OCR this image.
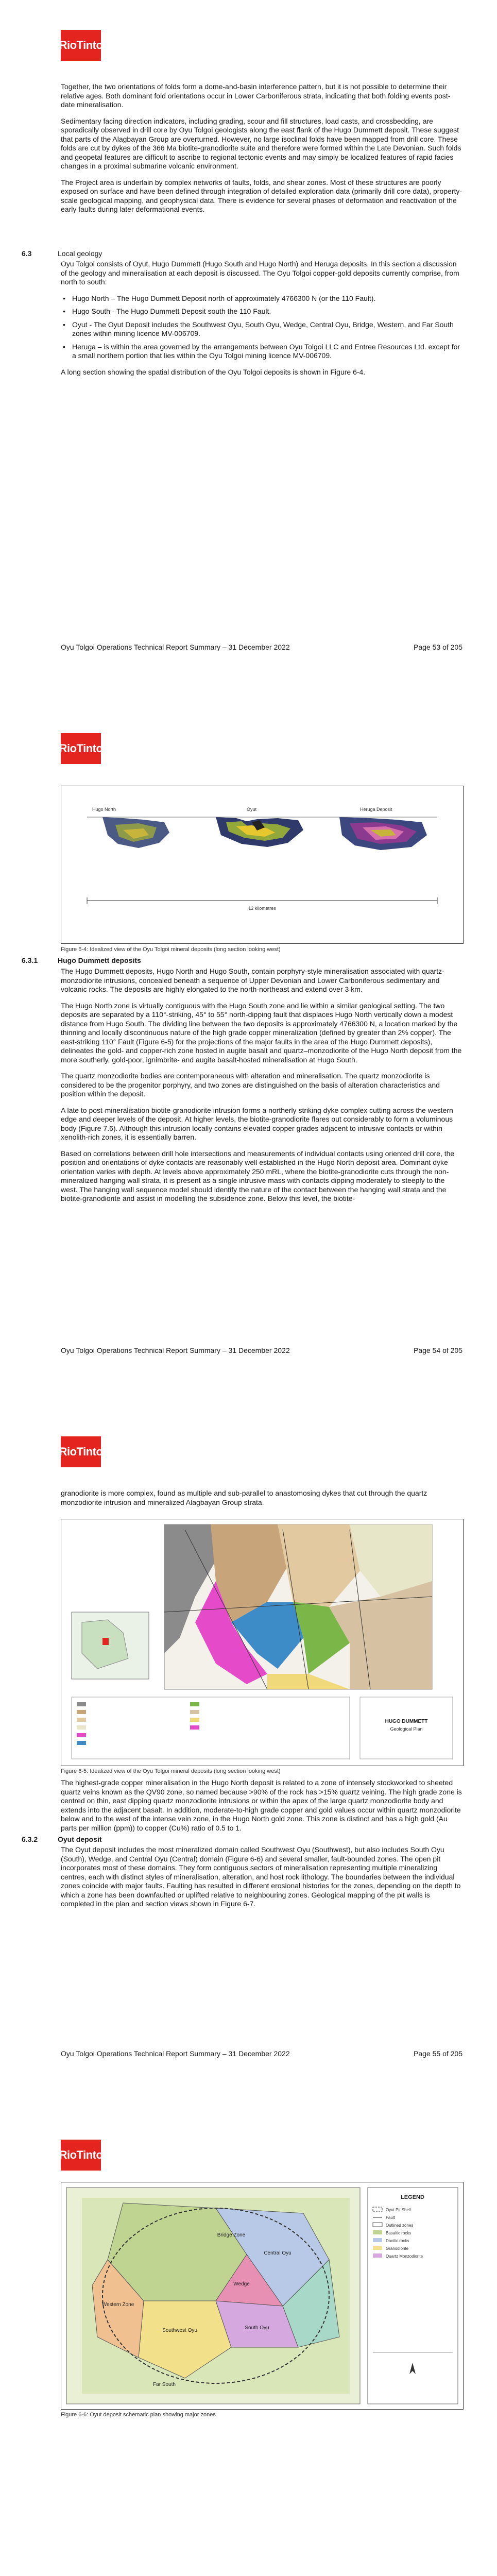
RioTinto

Together, the two orientations of folds form a dome-and-basin interference pattern, but it is not possible to determine their relative ages. Both dominant fold orientations occur in Lower Carboniferous strata, indicating that both folding events post-date mineralisation.

Sedimentary facing direction indicators, including grading, scour and fill structures, load casts, and crossbedding, are sporadically observed in drill core by Oyu Tolgoi geologists along the east flank of the Hugo Dummett deposit. These suggest that parts of the Alagbayan Group are overturned. However, no large isoclinal folds have been mapped from drill core. These folds are cut by dykes of the 366 Ma biotite-granodiorite suite and therefore were formed within the Late Devonian. Such folds and geopetal features are difficult to ascribe to regional tectonic events and may simply be localized features of rapid facies changes in a proximal submarine volcanic environment.

The Project area is underlain by complex networks of faults, folds, and shear zones. Most of these structures are poorly exposed on surface and have been defined through integration of detailed exploration data (primarily drill core data), property-scale geological mapping, and geophysical data. There is evidence for several phases of deformation and reactivation of the early faults during later deformational events.

6.3	Local geology

Oyu Tolgoi consists of Oyut, Hugo Dummett (Hugo South and Hugo North) and Heruga deposits. In this section a discussion of the geology and mineralisation at each deposit is discussed. The Oyu Tolgoi copper-gold deposits currently comprise, from north to south:

• Hugo North – The Hugo Dummett Deposit north of approximately 4766300 N (or the 110 Fault).
• Hugo South - The Hugo Dummett Deposit south the 110 Fault.
• Oyut - The Oyut Deposit includes the Southwest Oyu, South Oyu, Wedge, Central Oyu, Bridge, Western, and Far South zones within mining licence MV-006709.
• Heruga – is within the area governed by the arrangements between Oyu Tolgoi LLC and Entree Resources Ltd. except for a small northern portion that lies within the Oyu Tolgoi mining licence MV-006709.

A long section showing the spatial distribution of the Oyu Tolgoi deposits is shown in Figure 6-4.

Oyu Tolgoi Operations Technical Report Summary – 31 December 2022	Page 53 of 205
RioTinto
Hugo North	Oyut	Heruga Deposit
12 kilometres
Figure 6-4: Idealized view of the Oyu Tolgoi mineral deposits (long section looking west)
6.3.1	Hugo Dummett deposits

The Hugo Dummett deposits, Hugo North and Hugo South, contain porphyry-style mineralisation associated with quartz-monzodiorite intrusions, concealed beneath a sequence of Upper Devonian and Lower Carboniferous sedimentary and volcanic rocks. The deposits are highly elongated to the north-northeast and extend over 3 km.

The Hugo North zone is virtually contiguous with the Hugo South zone and lie within a similar geological setting. The two deposits are separated by a 110°-striking, 45° to 55° north-dipping fault that displaces Hugo North vertically down a modest distance from Hugo South. The dividing line between the two deposits is approximately 4766300 N, a location marked by the thinning and locally discontinuous nature of the high grade copper mineralization (defined by greater than 2% copper). The east-striking 110° Fault (Figure 6-5) for the projections of the major faults in the area of the Hugo Dummett deposits), delineates the gold- and copper-rich zone hosted in augite basalt and quartz–monzodiorite of the Hugo North deposit from the more southerly, gold-poor, ignimbrite- and augite basalt-hosted mineralisation at Hugo South.

The quartz monzodiorite bodies are contemporaneous with alteration and mineralisation. The quartz monzodiorite is considered to be the progenitor porphyry, and two zones are distinguished on the basis of alteration characteristics and position within the deposit.

A late to post-mineralisation biotite-granodiorite intrusion forms a northerly striking dyke complex cutting across the western edge and deeper levels of the deposit. At higher levels, the biotite-granodiorite flares out considerably to form a voluminous body (Figure 7.6). Although this intrusion locally contains elevated copper grades adjacent to intrusive contacts or within xenolith-rich zones, it is essentially barren.

Based on correlations between drill hole intersections and measurements of individual contacts using oriented drill core, the position and orientations of dyke contacts are reasonably well established in the Hugo North deposit area. Dominant dyke orientation varies with depth. At levels above approximately 250 mRL, where the biotite-granodiorite cuts through the non-mineralized hanging wall strata, it is present as a single intrusive mass with contacts dipping moderately to steeply to the west. The hanging wall sequence model should identify the nature of the contact between the hanging wall strata and the biotite-granodiorite and assist in modelling the subsidence zone. Below this level, the biotite-

Oyu Tolgoi Operations Technical Report Summary – 31 December 2022	Page 54 of 205
RioTinto

granodiorite is more complex, found as multiple and sub-parallel to anastomosing dykes that cut through the quartz monzodiorite intrusion and mineralized Alagbayan Group strata.

HUGO DUMMETT
Geological Plan
Figure 6-5: Idealized view of the Oyu Tolgoi mineral deposits (long section looking west)

The highest-grade copper mineralisation in the Hugo North deposit is related to a zone of intensely stockworked to sheeted quartz veins known as the QV90 zone, so named because >90% of the rock has >15% quartz veining. The high grade zone is centred on thin, east dipping quartz monzodiorite intrusions or within the apex of the large quartz monzodiorite body and extends into the adjacent basalt. In addition, moderate-to-high grade copper and gold values occur within quartz monzodiorite below and to the west of the intense vein zone, in the Hugo North gold zone. This zone is distinct and has a high gold (Au parts per million (ppm)) to copper (Cu%) ratio of 0.5 to 1.

6.3.2	Oyut deposit

The Oyut deposit includes the most mineralized domain called Southwest Oyu (Southwest), but also includes South Oyu (South), Wedge, and Central Oyu (Central) domain (Figure 6-6) and several smaller, fault-bounded zones. The open pit incorporates most of these domains. They form contiguous sectors of mineralisation representing multiple mineralizing centres, each with distinct styles of mineralisation, alteration, and host rock lithology. The boundaries between the individual zones coincide with major faults. Faulting has resulted in different erosional histories for the zones, depending on the depth to which a zone has been downfaulted or uplifted relative to neighbouring zones. Geological mapping of the pit walls is completed in the plan and section views shown in Figure 6-7.

Oyu Tolgoi Operations Technical Report Summary – 31 December 2022	Page 55 of 205
RioTinto
Bridge Zone
Central Oyu
South Oyu
Southwest Oyu
Far South
Wedge
Western Zone
LEGEND
Oyut Pit Shell
Fault
Outlined zones
Basaltic rocks
Dacitic rocks
Granodiorite
Quartz Monzodiorite
Figure 6-6: Oyut deposit schematic plan showing major zones
